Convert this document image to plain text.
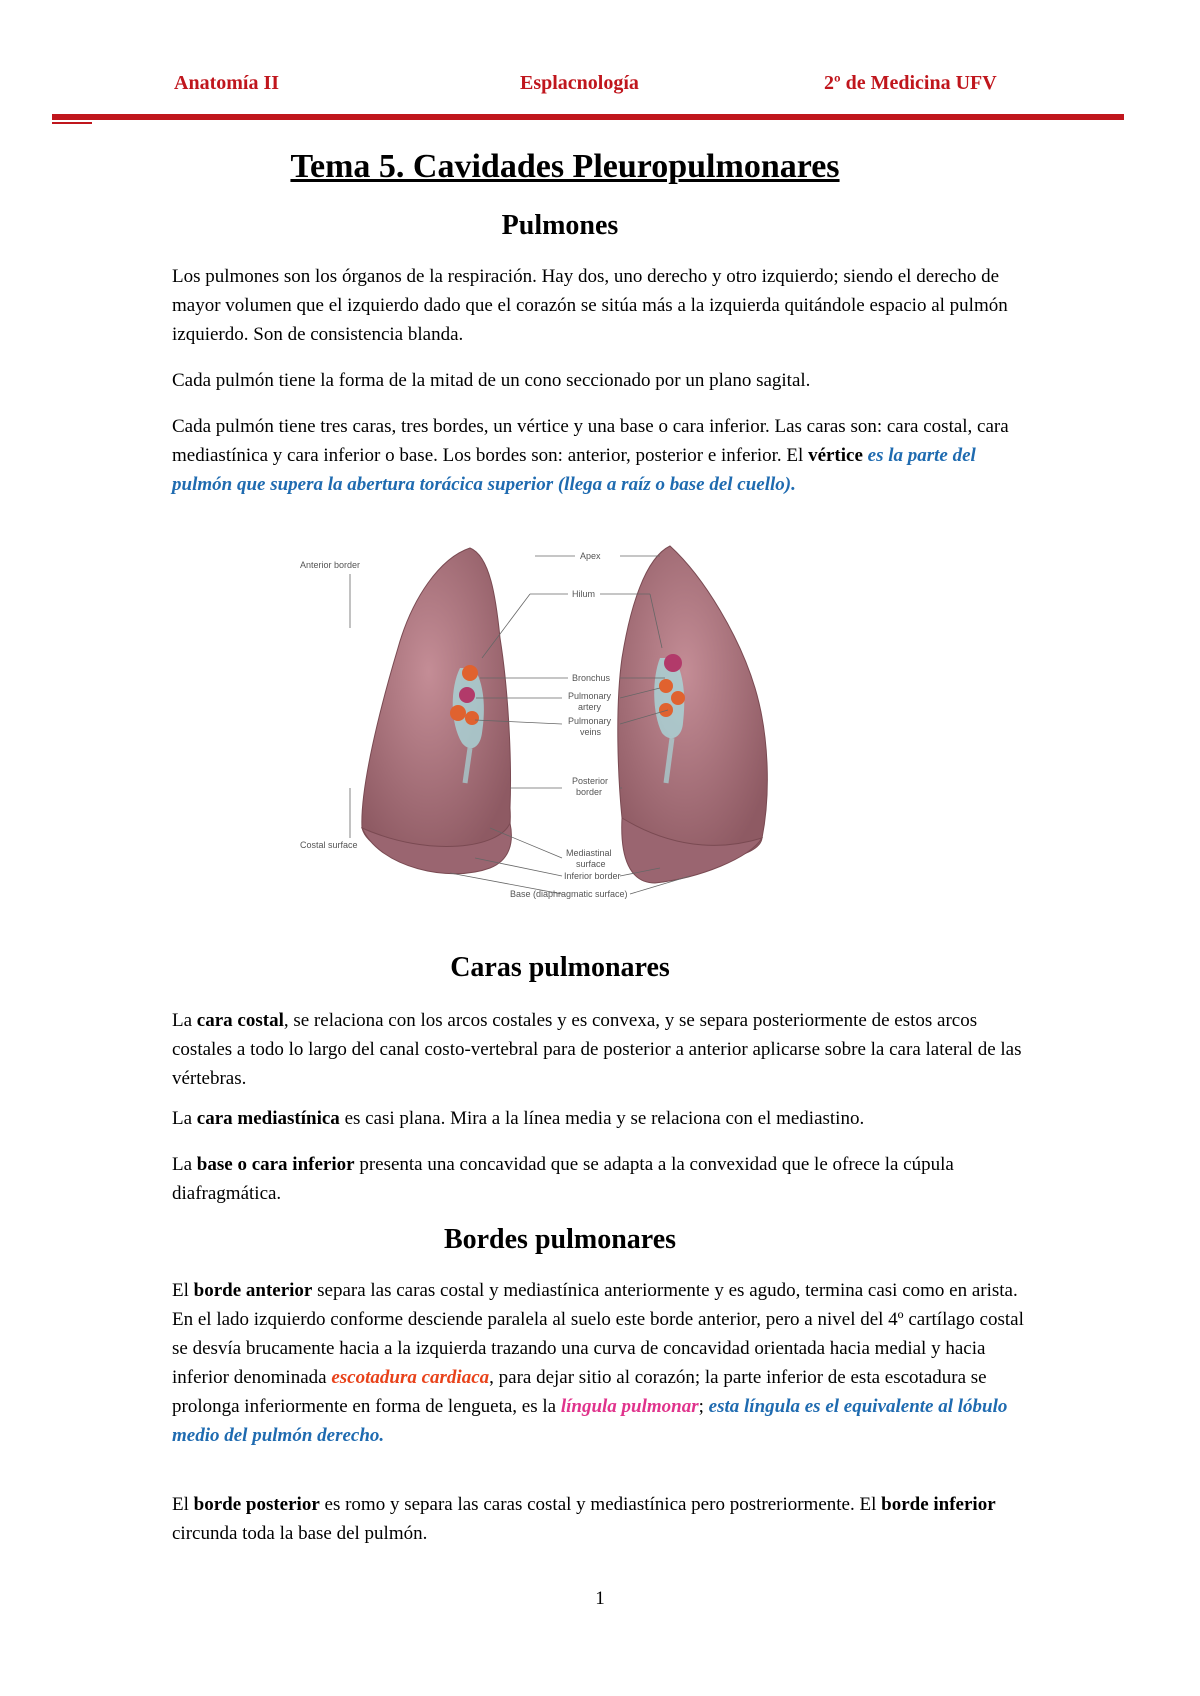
Anatomía II	Esplacnología	2º de Medicina UFV
Tema 5. Cavidades Pleuropulmonares
Pulmones

Los pulmones son los órganos de la respiración. Hay dos, uno derecho y otro izquierdo; siendo el derecho de mayor volumen que el izquierdo dado que el corazón se sitúa más a la izquierda quitándole espacio al pulmón izquierdo. Son de consistencia blanda.

Cada pulmón tiene la forma de la mitad de un cono seccionado por un plano sagital.

Cada pulmón tiene tres caras, tres bordes, un vértice y una base o cara inferior. Las caras son: cara costal, cara mediastínica y cara inferior o base. Los bordes son: anterior, posterior e inferior. El vértice es la parte del pulmón que supera la abertura torácica superior (llega a raíz o base del cuello).

Anterior border
Apex
Hilum
Bronchus
Pulmonary
artery
Pulmonary
veins
Posterior
border
Costal surface
Mediastinal
surface
Inferior border
Base (diaphragmatic surface)
Caras pulmonares

La cara costal, se relaciona con los arcos costales y es convexa, y se separa posteriormente de estos arcos costales a todo lo largo del canal costo-vertebral para de posterior a anterior aplicarse sobre la cara lateral de las vértebras.

La cara mediastínica es casi plana. Mira a la línea media y se relaciona con el mediastino.

La base o cara inferior presenta una concavidad que se adapta a la convexidad que le ofrece la cúpula diafragmática.

Bordes pulmonares

El borde anterior separa las caras costal y mediastínica anteriormente y es agudo, termina casi como en arista. En el lado izquierdo conforme desciende paralela al suelo este borde anterior, pero a nivel del 4º cartílago costal se desvía brucamente hacia a la izquierda trazando una curva de concavidad orientada hacia medial y hacia inferior denominada escotadura cardiaca, para dejar sitio al corazón; la parte inferior de esta escotadura se prolonga inferiormente en forma de lengueta, es la língula pulmonar; esta língula es el equivalente al lóbulo medio del pulmón derecho.

El borde posterior es romo y separa las caras costal y mediastínica pero postreriormente. El borde inferior circunda toda la base del pulmón.

1
